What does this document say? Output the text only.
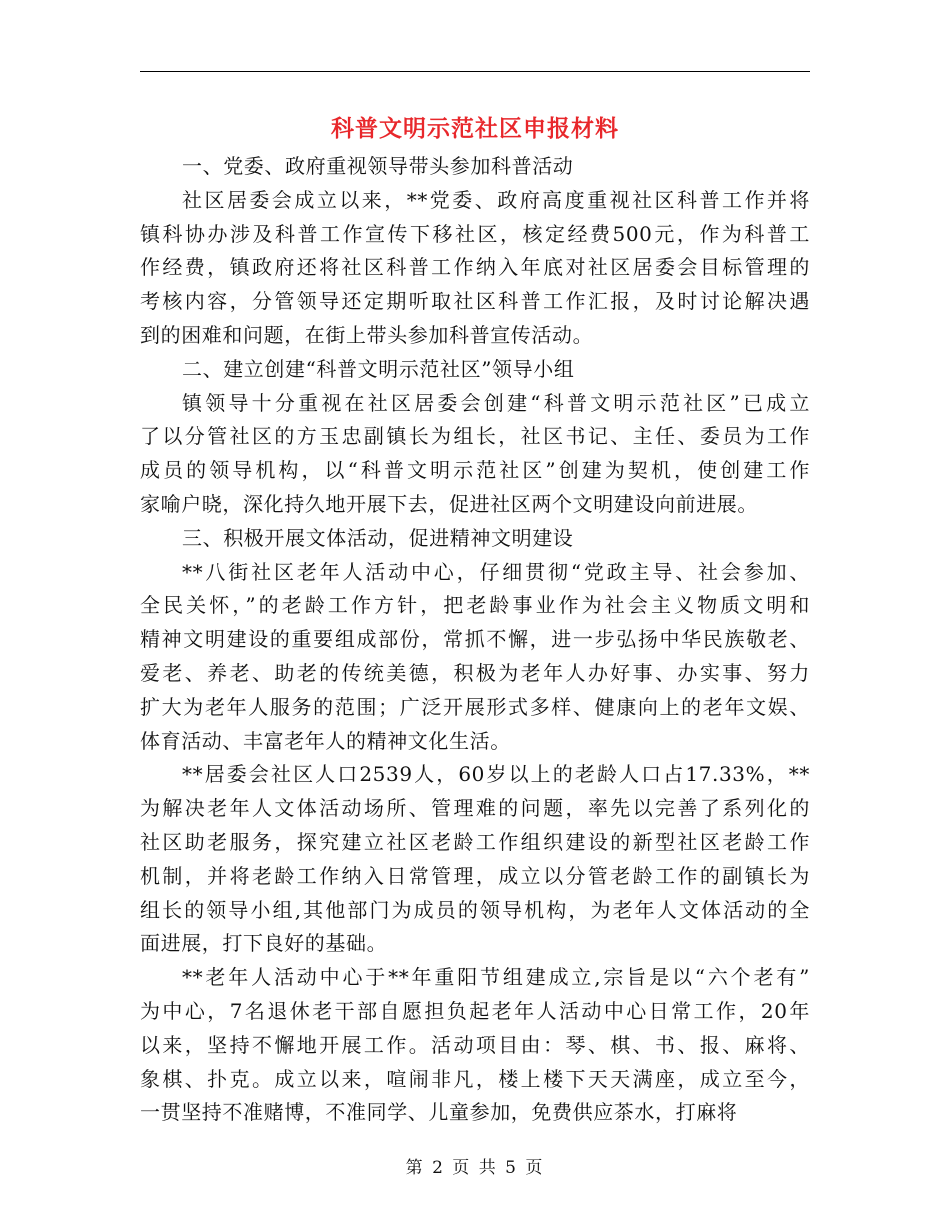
科普文明示范社区申报材料
一、党委、政府重视领导带头参加科普活动
社区居委会成立以来，**党委、政府高度重视社区科普工作并将
镇科协办涉及科普工作宣传下移社区，核定经费500元，作为科普工
作经费，镇政府还将社区科普工作纳入年底对社区居委会目标管理的
考核内容，分管领导还定期听取社区科普工作汇报，及时讨论解决遇
到的困难和问题，在街上带头参加科普宣传活动。
二、建立创建“科普文明示范社区”领导小组
镇领导十分重视在社区居委会创建“科普文明示范社区”已成立
了以分管社区的方玉忠副镇长为组长，社区书记、主任、委员为工作
成员的领导机构，以“科普文明示范社区”创建为契机，使创建工作
家喻户晓，深化持久地开展下去，促进社区两个文明建设向前进展。
三、积极开展文体活动，促进精神文明建设
**八街社区老年人活动中心，仔细贯彻“党政主导、社会参加、
全民关怀，”的老龄工作方针，把老龄事业作为社会主义物质文明和
精神文明建设的重要组成部份，常抓不懈，进一步弘扬中华民族敬老、
爱老、养老、助老的传统美德，积极为老年人办好事、办实事、努力
扩大为老年人服务的范围；广泛开展形式多样、健康向上的老年文娱、
体育活动、丰富老年人的精神文化生活。
**居委会社区人口2539人，60岁以上的老龄人口占17.33%，**
为解决老年人文体活动场所、管理难的问题，率先以完善了系列化的
社区助老服务，探究建立社区老龄工作组织建设的新型社区老龄工作
机制，并将老龄工作纳入日常管理，成立以分管老龄工作的副镇长为
组长的领导小组,其他部门为成员的领导机构，为老年人文体活动的全
面进展，打下良好的基础。
**老年人活动中心于**年重阳节组建成立,宗旨是以“六个老有”
为中心，7名退休老干部自愿担负起老年人活动中心日常工作，20年
以来，坚持不懈地开展工作。活动项目由：琴、棋、书、报、麻将、
象棋、扑克。成立以来，喧闹非凡，楼上楼下天天满座，成立至今，
一贯坚持不准赌博，不准同学、儿童参加，免费供应茶水，打麻将
第 2 页 共 5 页
